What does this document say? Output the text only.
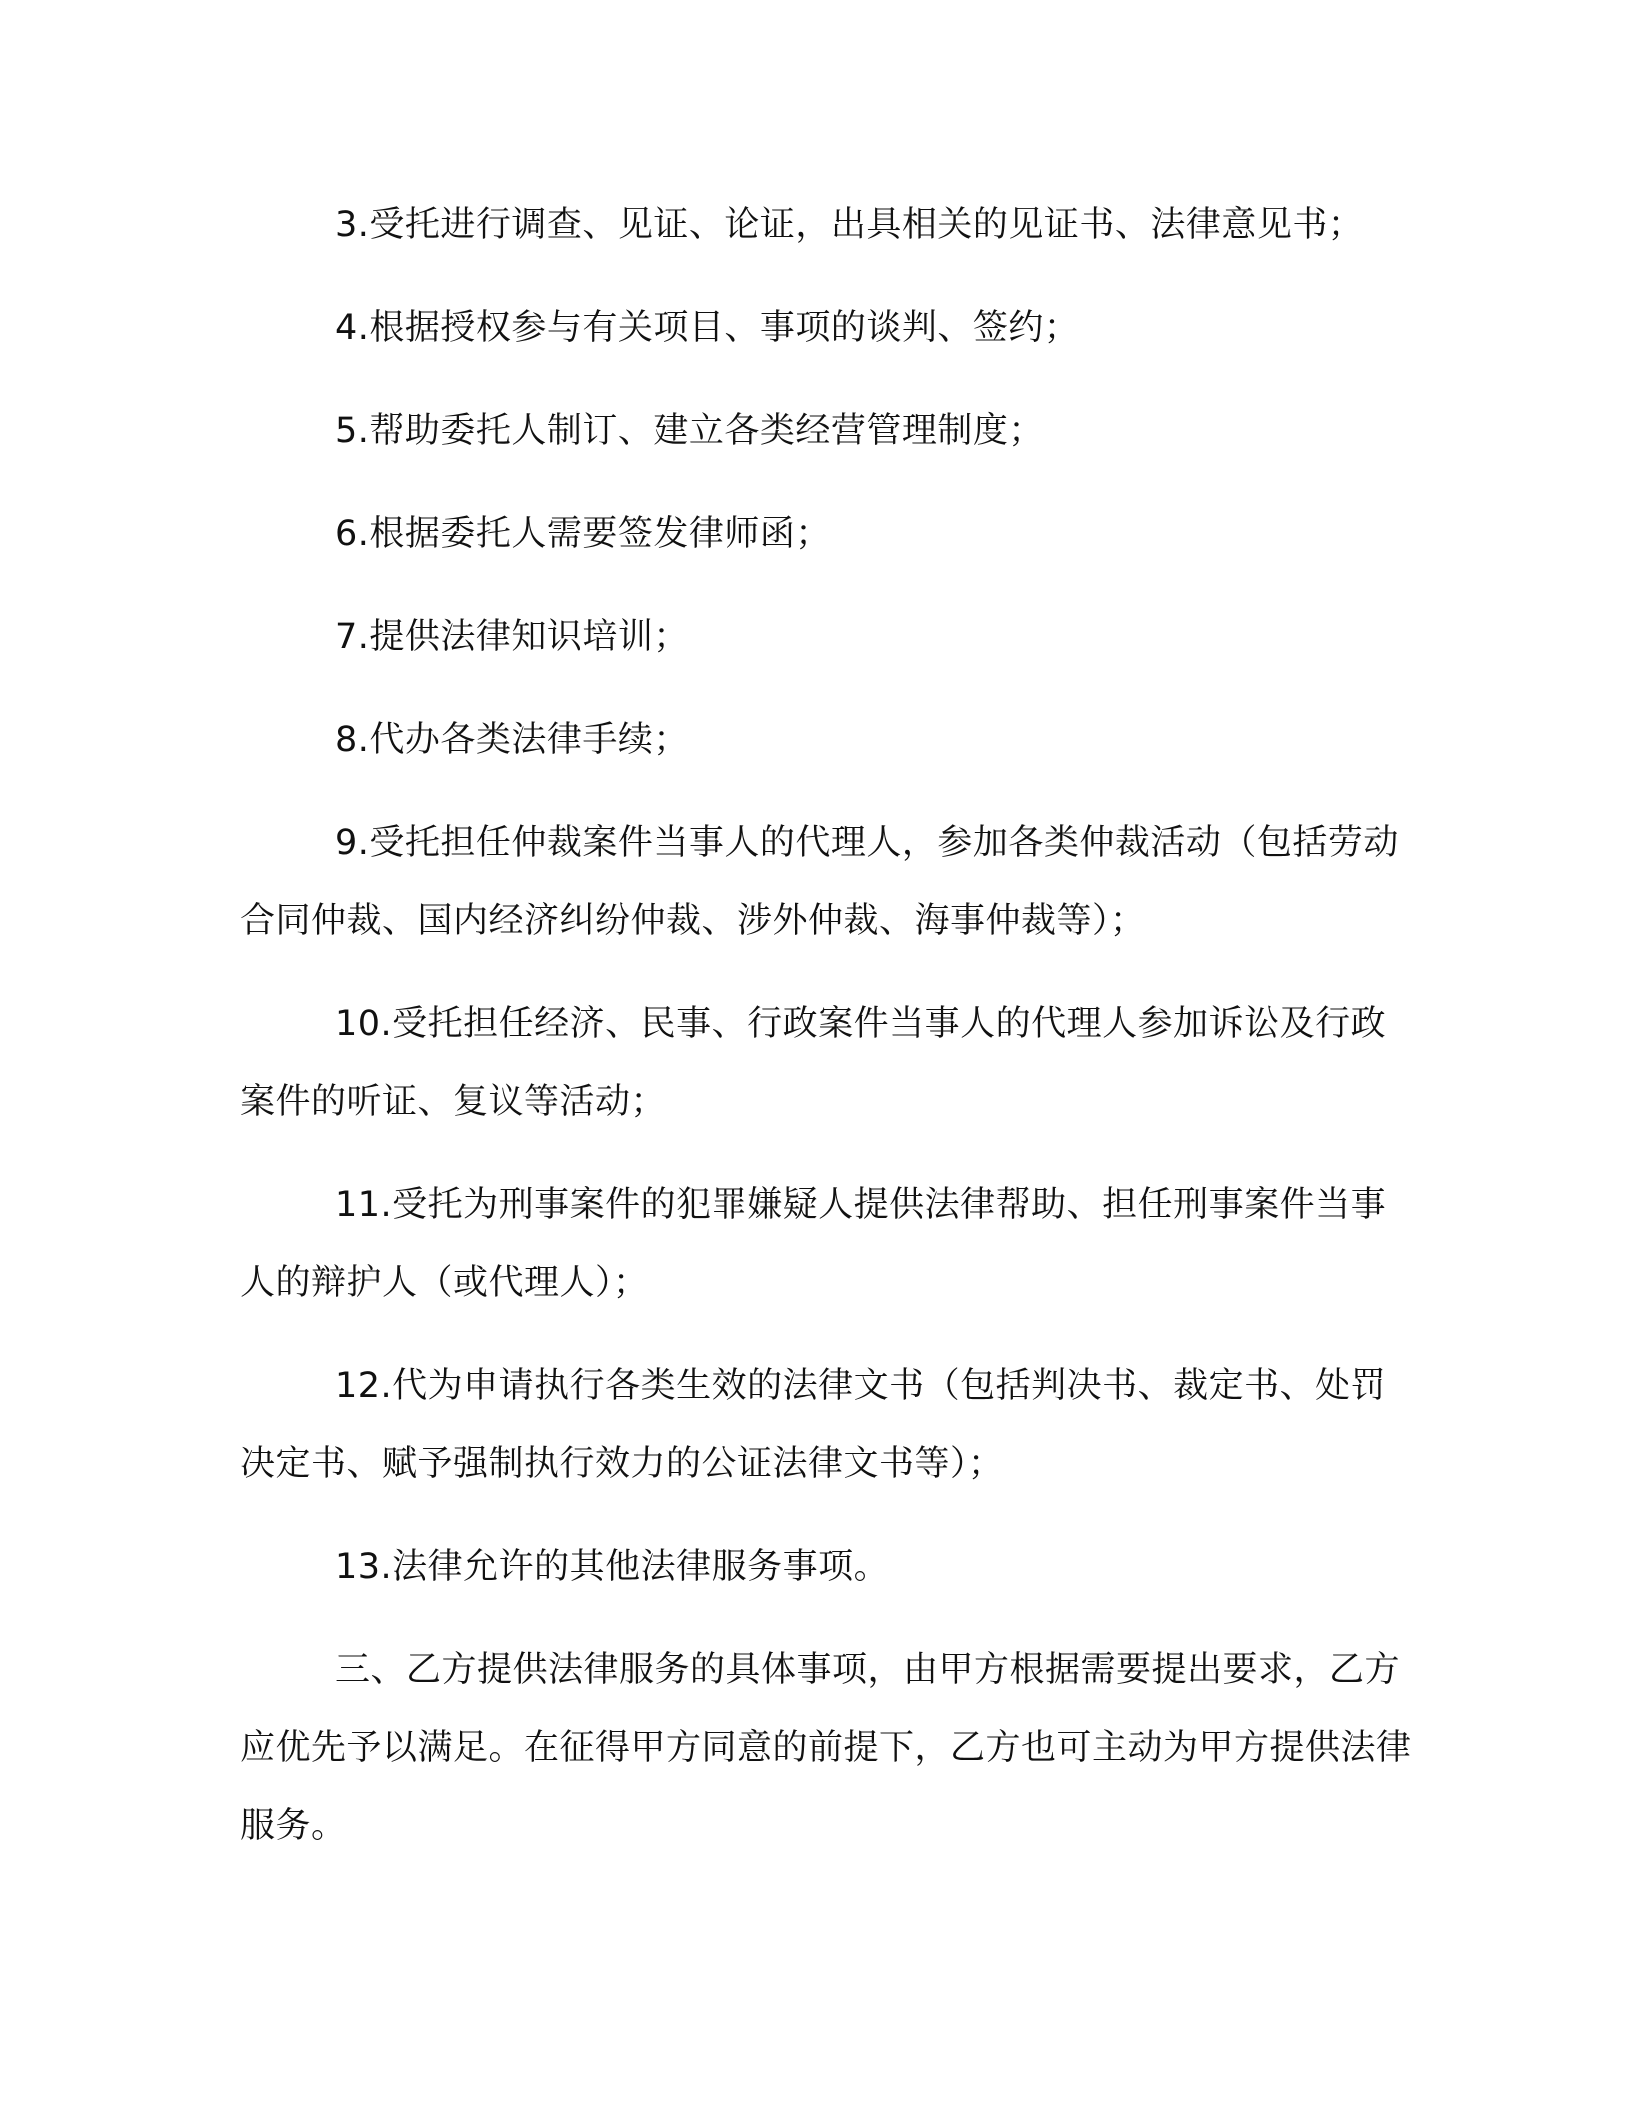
3.受托进行调查、见证、论证，出具相关的见证书、法律意见书；

4.根据授权参与有关项目、事项的谈判、签约；

5.帮助委托人制订、建立各类经营管理制度；

6.根据委托人需要签发律师函；

7.提供法律知识培训；

8.代办各类法律手续；

9.受托担任仲裁案件当事人的代理人，参加各类仲裁活动（包括劳动合同仲裁、国内经济纠纷仲裁、涉外仲裁、海事仲裁等）；

10.受托担任经济、民事、行政案件当事人的代理人参加诉讼及行政案件的听证、复议等活动；

11.受托为刑事案件的犯罪嫌疑人提供法律帮助、担任刑事案件当事人的辩护人（或代理人）；

12.代为申请执行各类生效的法律文书（包括判决书、裁定书、处罚决定书、赋予强制执行效力的公证法律文书等）；

13.法律允许的其他法律服务事项。

三、乙方提供法律服务的具体事项，由甲方根据需要提出要求，乙方应优先予以满足。在征得甲方同意的前提下，乙方也可主动为甲方提供法律服务。
